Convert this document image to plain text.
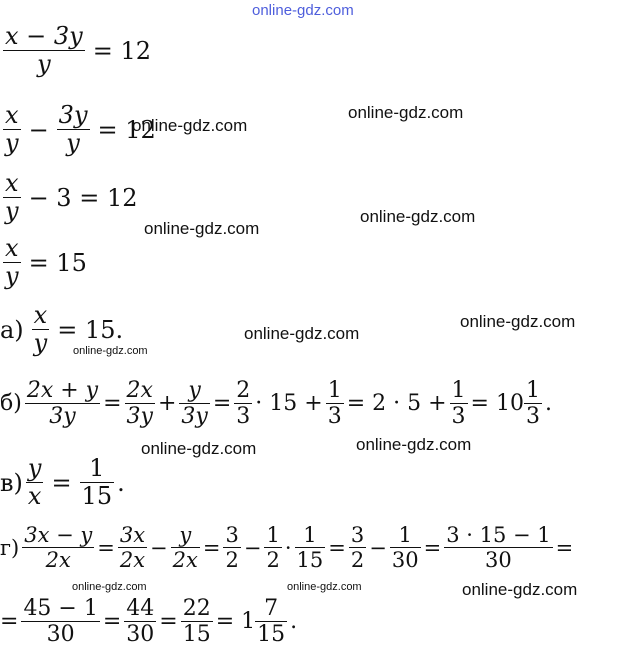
online-gdz.com
online-gdz.com
online-gdz.com
online-gdz.com
online-gdz.com
online-gdz.com
online-gdz.com
online-gdz.com
online-gdz.com	online-gdz.com
online-gdz.com	online-gdz.com	online-gdz.com
$\frac{x - 3y}{y} = 12$
$\frac{x}{y} - \frac{3y}{y} = 12$
$\frac{x}{y} - 3 = 12$
$\frac{x}{y} = 15$
$а) \frac{x}{y} = 15$.
$б) \frac{2x + y}{3y} = \frac{2x}{3y} + \frac{y}{3y} = \frac{2}{3} \cdot 15 + \frac{1}{3} = 2 \cdot 5 + \frac{1}{3} = 10 \frac{1}{3}$ .
$в) \frac{y}{x} = \frac{1}{15}$ .
$г) \frac{3x - y}{2x} = \frac{3x}{2x} - \frac{y}{2x} = \frac{3}{2} - \frac{1}{2} \cdot \frac{1}{15} = \frac{3}{2} - \frac{1}{30} = \frac{3 \cdot 15 - 1}{30}$ =
= $\frac{45 - 1}{30} = \frac{44}{30} = \frac{22}{15} = 1 \frac{7}{15}$ .
